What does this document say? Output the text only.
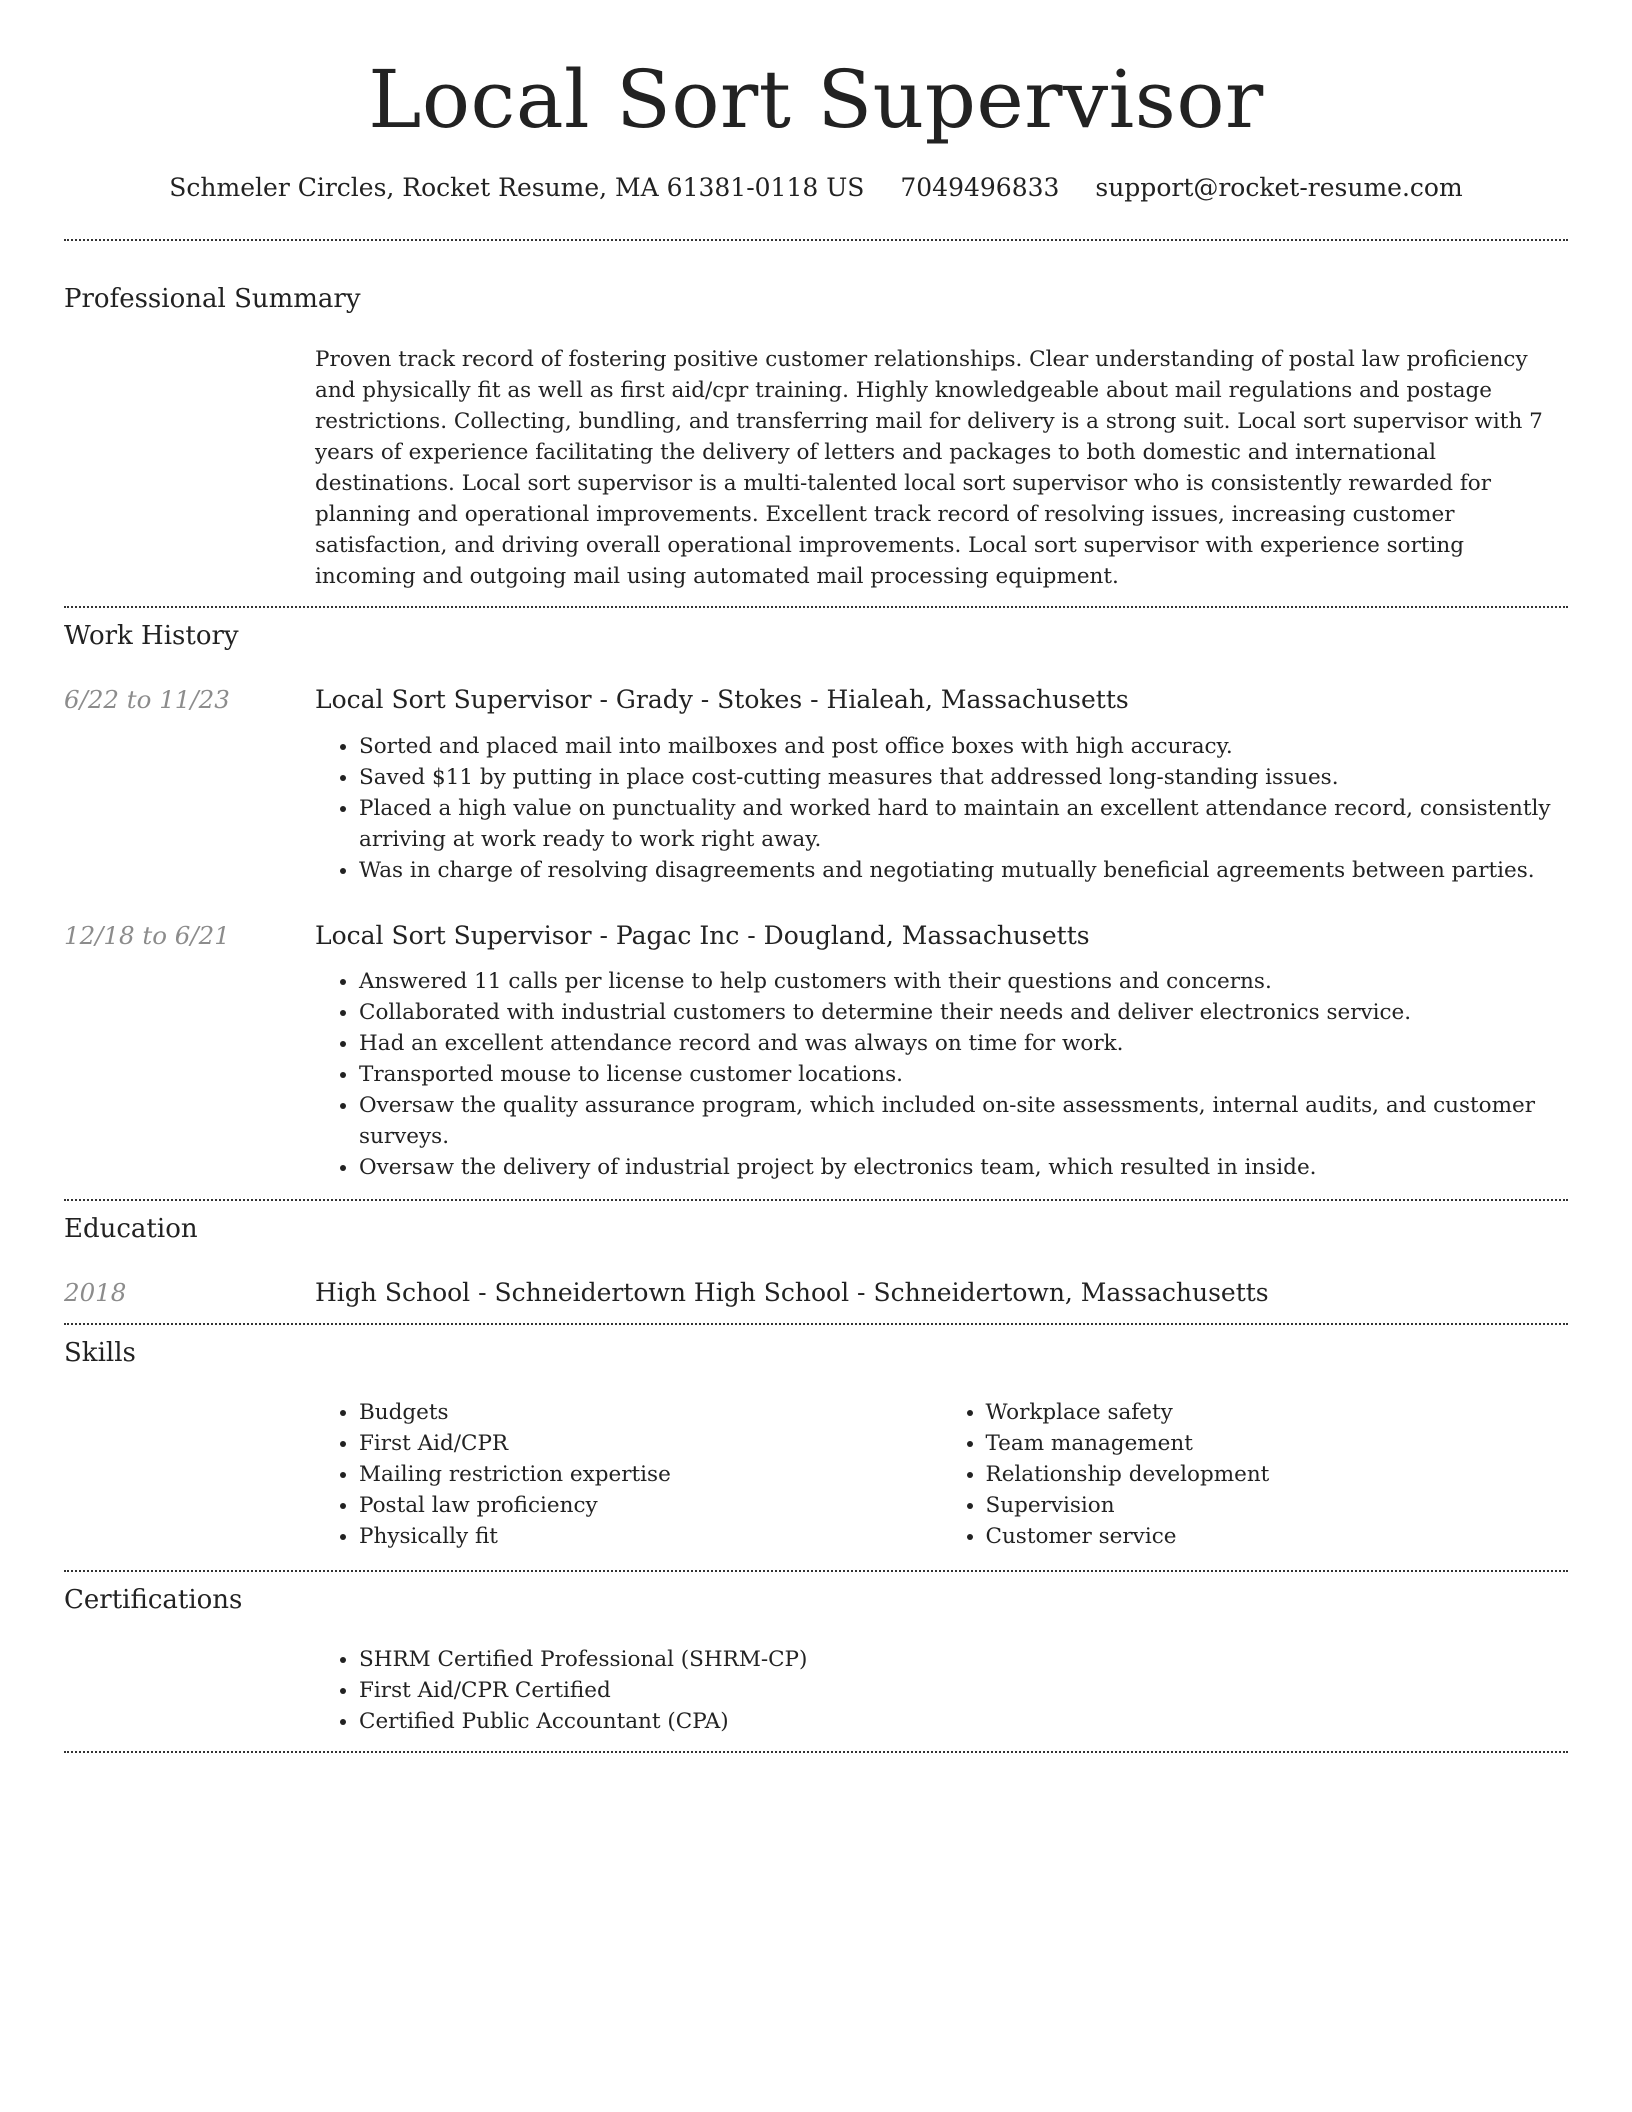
Local Sort Supervisor
Schmeler Circles, Rocket Resume, MA 61381-0118 US 7049496833 support@rocket-resume.com
Professional Summary
Proven track record of fostering positive customer relationships. Clear understanding of postal law proficiency and physically fit as well as first aid/cpr training. Highly knowledgeable about mail regulations and postage restrictions. Collecting, bundling, and transferring mail for delivery is a strong suit. Local sort supervisor with 7 years of experience facilitating the delivery of letters and packages to both domestic and international destinations. Local sort supervisor is a multi-talented local sort supervisor who is consistently rewarded for planning and operational improvements. Excellent track record of resolving issues, increasing customer satisfaction, and driving overall operational improvements. Local sort supervisor with experience sorting incoming and outgoing mail using automated mail processing equipment.
Work History
6/22 to 11/23	Local Sort Supervisor - Grady - Stokes - Hialeah, Massachusetts
• Sorted and placed mail into mailboxes and post office boxes with high accuracy.
• Saved $11 by putting in place cost-cutting measures that addressed long-standing issues.
• Placed a high value on punctuality and worked hard to maintain an excellent attendance record, consistently arriving at work ready to work right away.
• Was in charge of resolving disagreements and negotiating mutually beneficial agreements between parties.
12/18 to 6/21	Local Sort Supervisor - Pagac Inc - Dougland, Massachusetts
• Answered 11 calls per license to help customers with their questions and concerns.
• Collaborated with industrial customers to determine their needs and deliver electronics service.
• Had an excellent attendance record and was always on time for work.
• Transported mouse to license customer locations.
• Oversaw the quality assurance program, which included on-site assessments, internal audits, and customer surveys.
• Oversaw the delivery of industrial project by electronics team, which resulted in inside.
Education
2018	High School - Schneidertown High School - Schneidertown, Massachusetts
Skills
• Budgets
• First Aid/CPR
• Mailing restriction expertise
• Postal law proficiency
• Physically fit
• Workplace safety
• Team management
• Relationship development
• Supervision
• Customer service
Certifications
• SHRM Certified Professional (SHRM-CP)
• First Aid/CPR Certified
• Certified Public Accountant (CPA)
